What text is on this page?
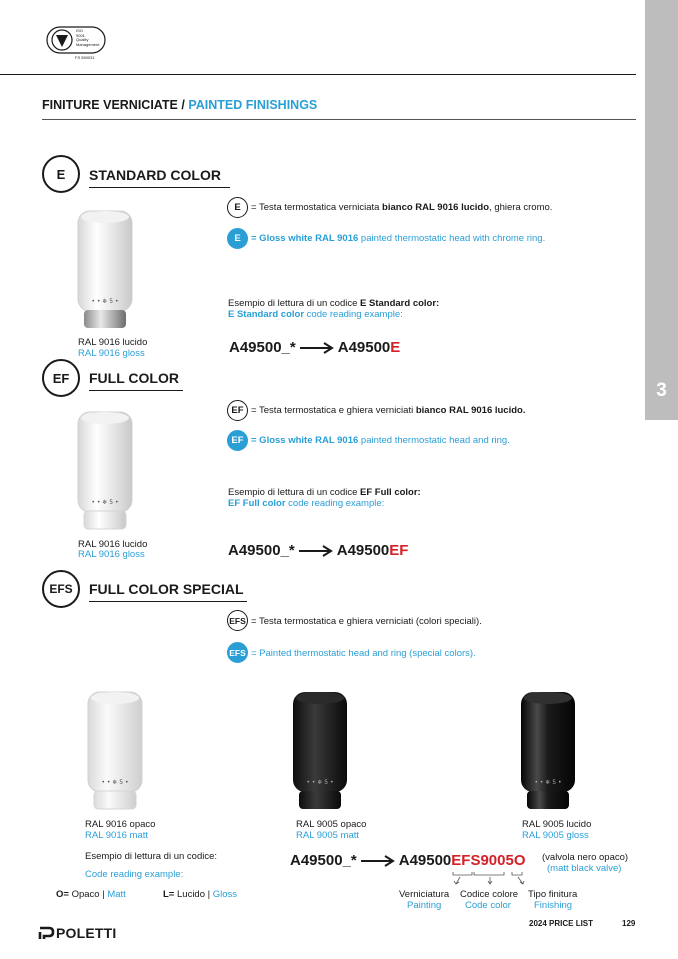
3
ISO
9001
Quality
Management
FS 559031
FINITURE VERNICIATE / PAINTED FINISHINGS
E	STANDARD COLOR
• • ❄ 5 •
RAL 9016 lucido
RAL 9016 gloss
E	= Testa termostatica verniciata bianco RAL 9016 lucido, ghiera cromo.
E	= Gloss white RAL 9016 painted thermostatic head with chrome ring.
Esempio di lettura di un codice E Standard color:
E Standard color code reading example:
A49500_*	A49500E
EF	FULL COLOR
• • ❄ 5 •
RAL 9016 lucido
RAL 9016 gloss
EF = Testa termostatica e ghiera verniciati bianco RAL 9016 lucido.
EF = Gloss white RAL 9016 painted thermostatic head and ring.
Esempio di lettura di un codice EF Full color:
EF Full color code reading example:
A49500_*	A49500EF
EFS	FULL COLOR SPECIAL
EFS = Testa termostatica e ghiera verniciati (colori speciali).
EFS = Painted thermostatic head and ring (special colors).
• • ❄ 5 •	• • ❄ 5 •	• • ❄ 5 •
RAL 9016 opaco
RAL 9016 matt
RAL 9005 opaco
RAL 9005 matt
RAL 9005 lucido
RAL 9005 gloss
Esempio di lettura di un codice:
Code reading example:
O= Opaco | Matt	L= Lucido | Gloss
A49500_*	A49500EFS9005O (valvola nero opaco)
(matt black valve)
Verniciatura
Painting
Codice colore
Code color
Tipo finitura
Finishing
POLETTI
2024 PRICE LIST	129
